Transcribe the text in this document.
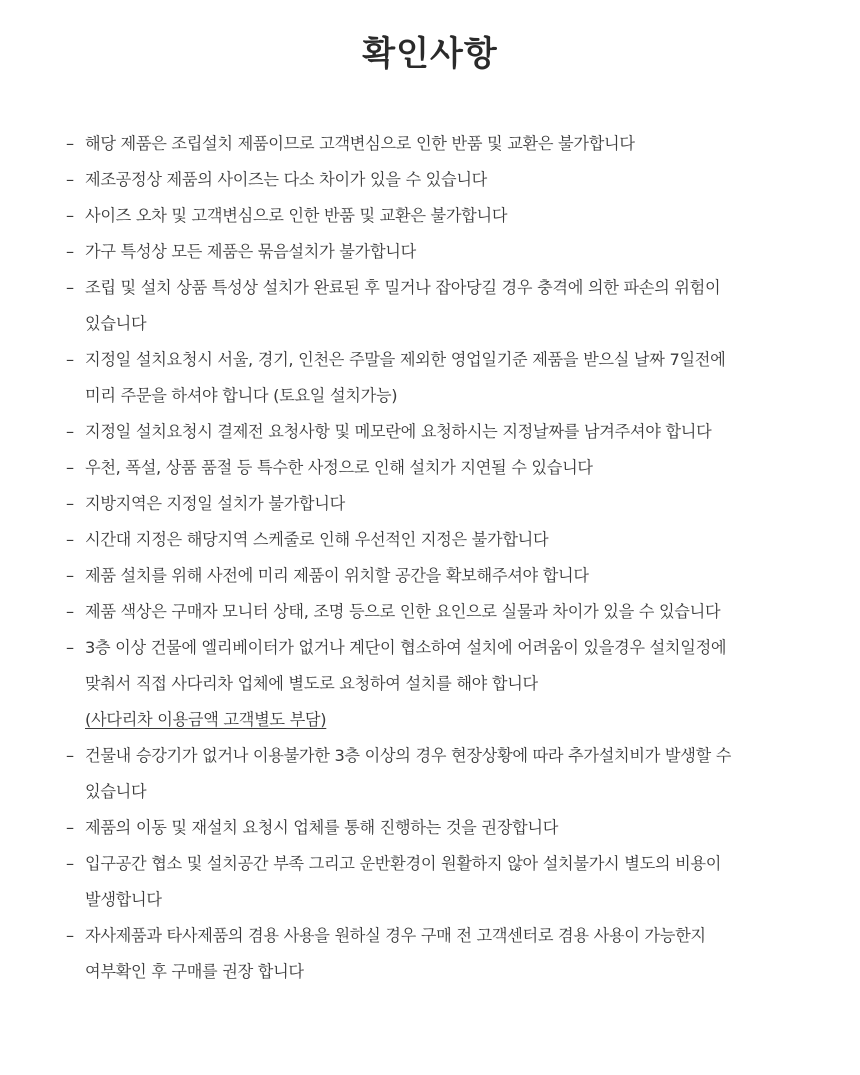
확인사항
– 해당 제품은 조립설치 제품이므로 고객변심으로 인한 반품 및 교환은 불가합니다
– 제조공정상 제품의 사이즈는 다소 차이가 있을 수 있습니다
– 사이즈 오차 및 고객변심으로 인한 반품 및 교환은 불가합니다
– 가구 특성상 모든 제품은 묶음설치가 불가합니다
– 조립 및 설치 상품 특성상 설치가 완료된 후 밀거나 잡아당길 경우 충격에 의한 파손의 위험이
있습니다
– 지정일 설치요청시 서울, 경기, 인천은 주말을 제외한 영업일기준 제품을 받으실 날짜 7일전에
미리 주문을 하셔야 합니다 (토요일 설치가능)
– 지정일 설치요청시 결제전 요청사항 및 메모란에 요청하시는 지정날짜를 남겨주셔야 합니다
– 우천, 폭설, 상품 품절 등 특수한 사정으로 인해 설치가 지연될 수 있습니다
– 지방지역은 지정일 설치가 불가합니다
– 시간대 지정은 해당지역 스케줄로 인해 우선적인 지정은 불가합니다
– 제품 설치를 위해 사전에 미리 제품이 위치할 공간을 확보해주셔야 합니다
– 제품 색상은 구매자 모니터 상태, 조명 등으로 인한 요인으로 실물과 차이가 있을 수 있습니다
– 3층 이상 건물에 엘리베이터가 없거나 계단이 협소하여 설치에 어려움이 있을경우 설치일정에
맞춰서 직접 사다리차 업체에 별도로 요청하여 설치를 해야 합니다
(사다리차 이용금액 고객별도 부담)
– 건물내 승강기가 없거나 이용불가한 3층 이상의 경우 현장상황에 따라 추가설치비가 발생할 수
있습니다
– 제품의 이동 및 재설치 요청시 업체를 통해 진행하는 것을 권장합니다
– 입구공간 협소 및 설치공간 부족 그리고 운반환경이 원활하지 않아 설치불가시 별도의 비용이
발생합니다
– 자사제품과 타사제품의 겸용 사용을 원하실 경우 구매 전 고객센터로 겸용 사용이 가능한지
여부확인 후 구매를 권장 합니다
